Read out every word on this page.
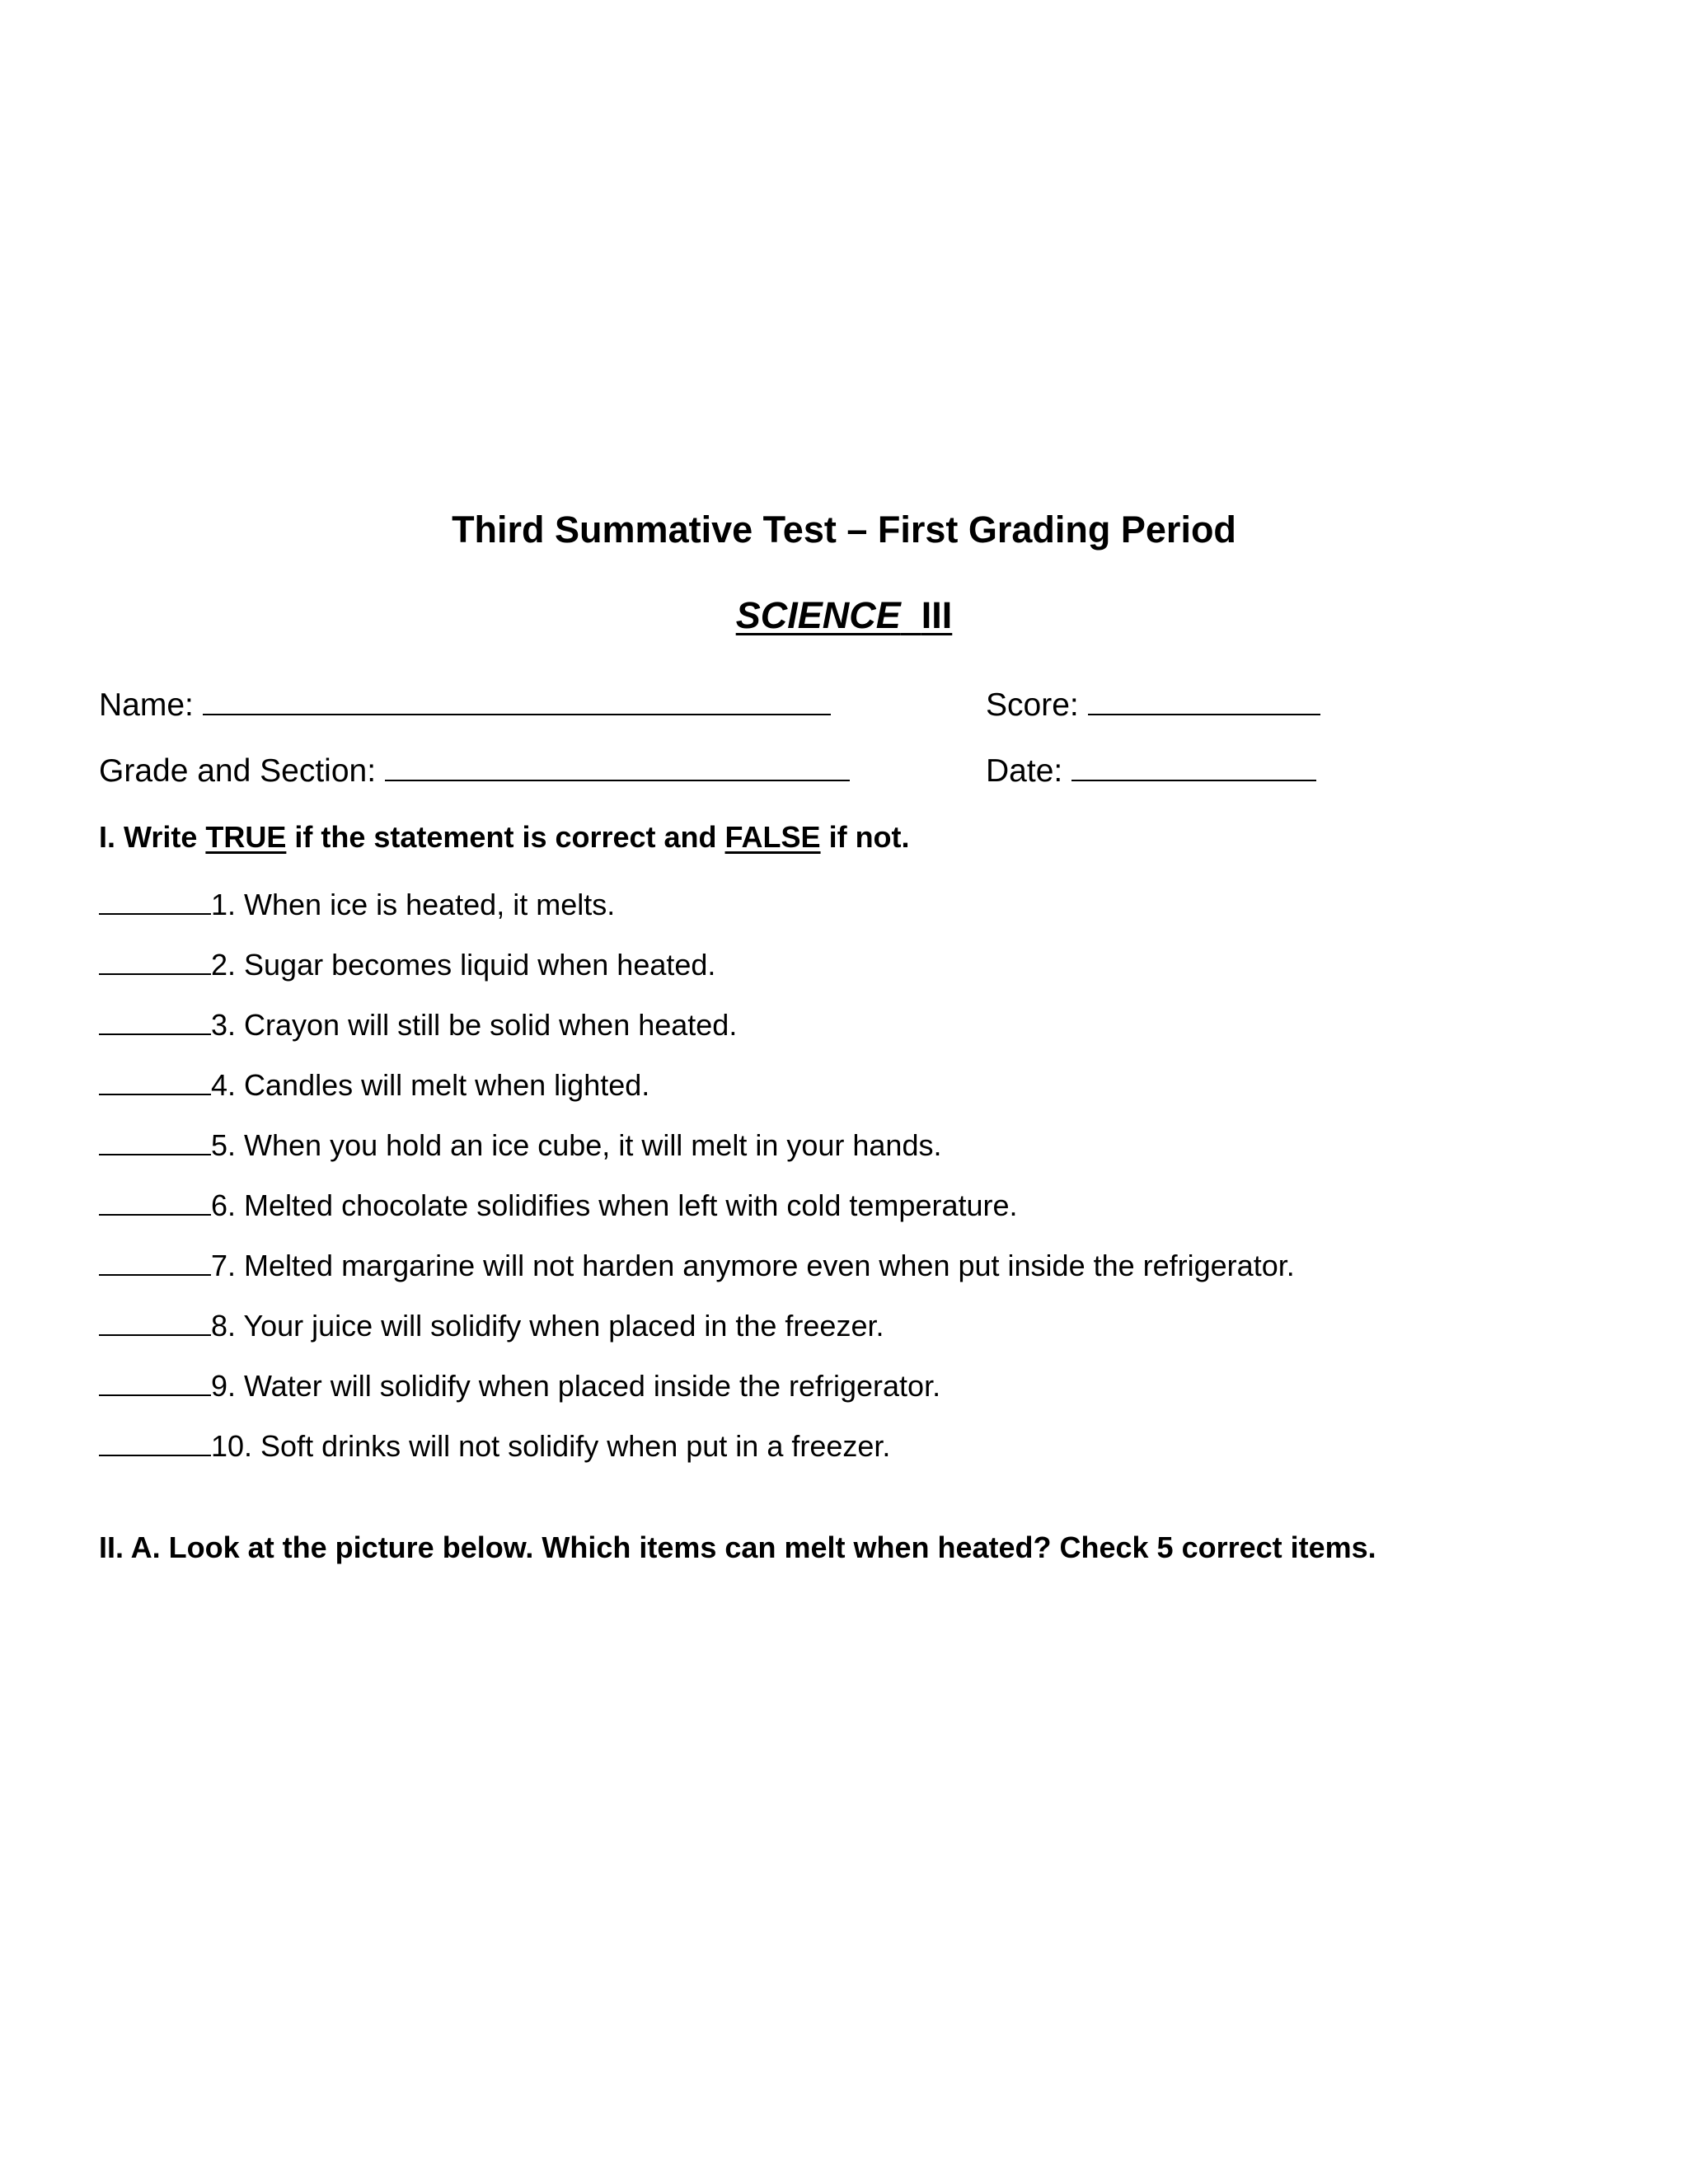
Third Summative Test – First Grading Period
SCIENCE III
Name:	Score:
Grade and Section:	Date:
I. Write TRUE if the statement is correct and FALSE if not.
1. When ice is heated, it melts.
2. Sugar becomes liquid when heated.
3. Crayon will still be solid when heated.
4. Candles will melt when lighted.
5. When you hold an ice cube, it will melt in your hands.
6. Melted chocolate solidifies when left with cold temperature.
7. Melted margarine will not harden anymore even when put inside the refrigerator.
8. Your juice will solidify when placed in the freezer.
9. Water will solidify when placed inside the refrigerator.
10. Soft drinks will not solidify when put in a freezer.
II. A. Look at the picture below. Which items can melt when heated? Check 5 correct items.
